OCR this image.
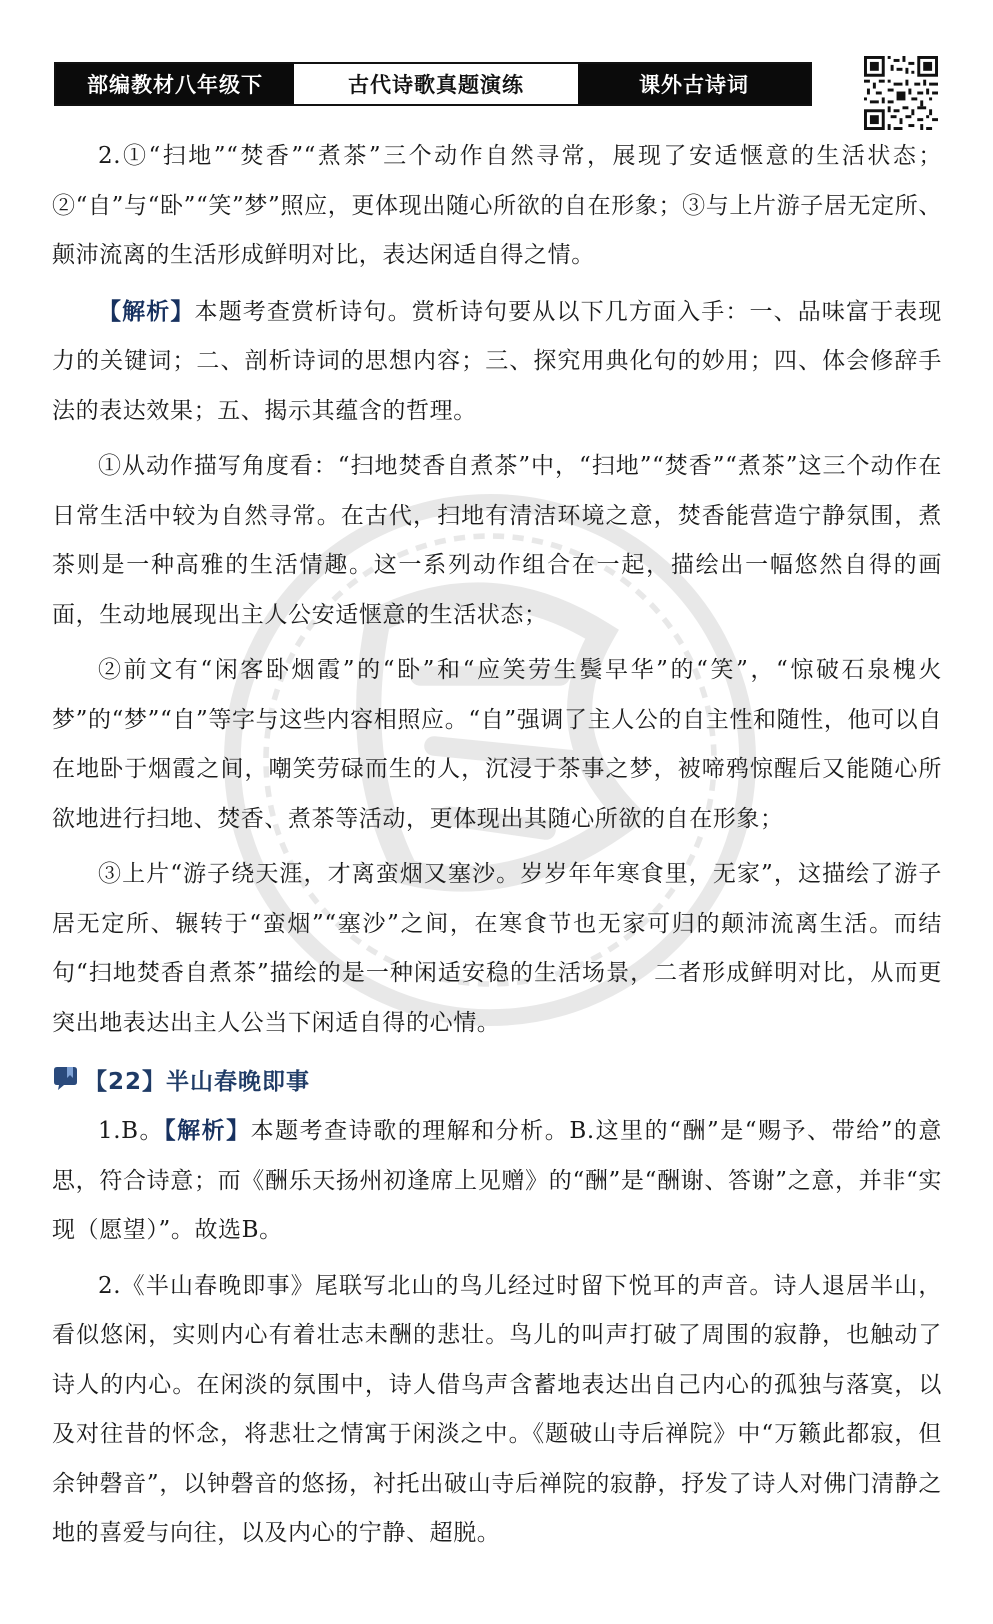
部编教材八年级下	古代诗歌真题演练	课外古诗词

2.①“扫地”“焚香”“煮茶”三个动作自然寻常，展现了安适惬意的生活状态；②“自”与“卧”“笑”梦”照应，更体现出随心所欲的自在形象；③与上片游子居无定所、颠沛流离的生活形成鲜明对比，表达闲适自得之情。

【解析】本题考查赏析诗句。赏析诗句要从以下几方面入手：一、品味富于表现力的关键词；二、剖析诗词的思想内容；三、探究用典化句的妙用；四、体会修辞手法的表达效果；五、揭示其蕴含的哲理。

①从动作描写角度看：“扫地焚香自煮茶”中，“扫地”“焚香”“煮茶”这三个动作在日常生活中较为自然寻常。在古代，扫地有清洁环境之意，焚香能营造宁静氛围，煮茶则是一种高雅的生活情趣。这一系列动作组合在一起，描绘出一幅悠然自得的画面，生动地展现出主人公安适惬意的生活状态；

②前文有“闲客卧烟霞”的“卧”和“应笑劳生鬓早华”的“笑”，“惊破石泉槐火梦”的“梦”“自”等字与这些内容相照应。“自”强调了主人公的自主性和随性，他可以自在地卧于烟霞之间，嘲笑劳碌而生的人，沉浸于茶事之梦，被啼鸦惊醒后又能随心所欲地进行扫地、焚香、煮茶等活动，更体现出其随心所欲的自在形象；

③上片“游子绕天涯，才离蛮烟又塞沙。岁岁年年寒食里，无家”，这描绘了游子居无定所、辗转于“蛮烟”“塞沙”之间，在寒食节也无家可归的颠沛流离生活。而结句“扫地焚香自煮茶”描绘的是一种闲适安稳的生活场景，二者形成鲜明对比，从而更突出地表达出主人公当下闲适自得的心情。

【22】半山春晚即事

1.B。【解析】本题考查诗歌的理解和分析。B.这里的“酬”是“赐予、带给”的意思，符合诗意；而《酬乐天扬州初逢席上见赠》的“酬”是“酬谢、答谢”之意，并非“实现（愿望）”。故选B。

2.《半山春晚即事》尾联写北山的鸟儿经过时留下悦耳的声音。诗人退居半山，看似悠闲，实则内心有着壮志未酬的悲壮。鸟儿的叫声打破了周围的寂静，也触动了诗人的内心。在闲淡的氛围中，诗人借鸟声含蓄地表达出自己内心的孤独与落寞，以及对往昔的怀念，将悲壮之情寓于闲淡之中。《题破山寺后禅院》中“万籁此都寂，但余钟磬音”，以钟磬音的悠扬，衬托出破山寺后禅院的寂静，抒发了诗人对佛门清静之地的喜爱与向往，以及内心的宁静、超脱。
